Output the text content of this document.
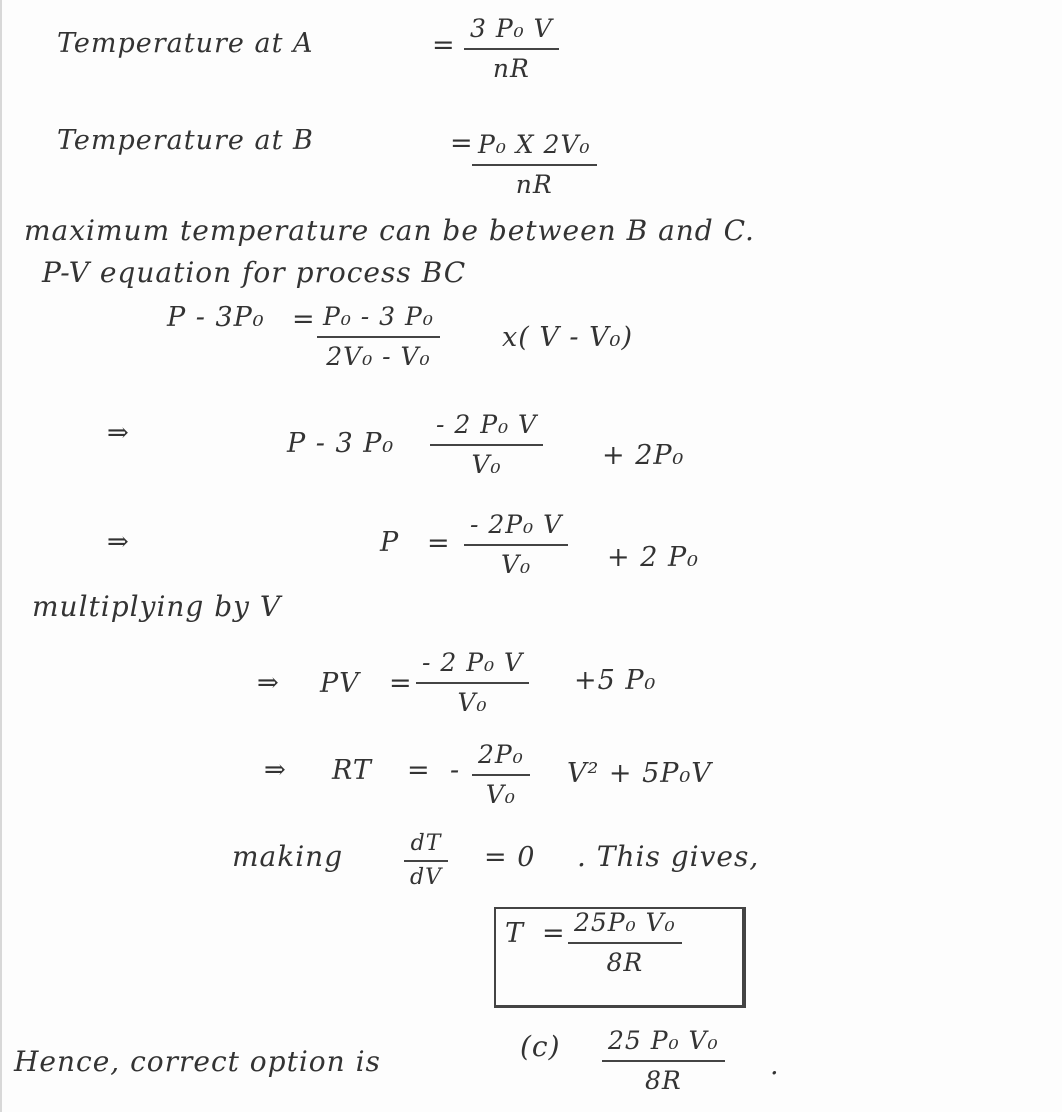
Temperature at A	=
3 P₀ V
nR
Temperature at B	= P₀ X 2V₀
nR
maximum temperature can be between B and C.
P-V equation for process BC
P - 3P₀ = P₀ - 3 P₀
2V₀ - V₀
x( V - V₀)
⇒	P - 3 P₀
- 2 P₀ V
V₀	+ 2P₀
⇒	P =
- 2P₀ V
V₀	+ 2 P₀
multiplying by V
⇒ PV =
- 2 P₀ V
V₀
+5 P₀
⇒ RT = -
2P₀
V₀
V² + 5P₀V
making	dT
dV
= 0 . This gives,
T = 25P₀ V₀
8R
Hence, correct option is	(c) 25 P₀ V₀
8R	.
